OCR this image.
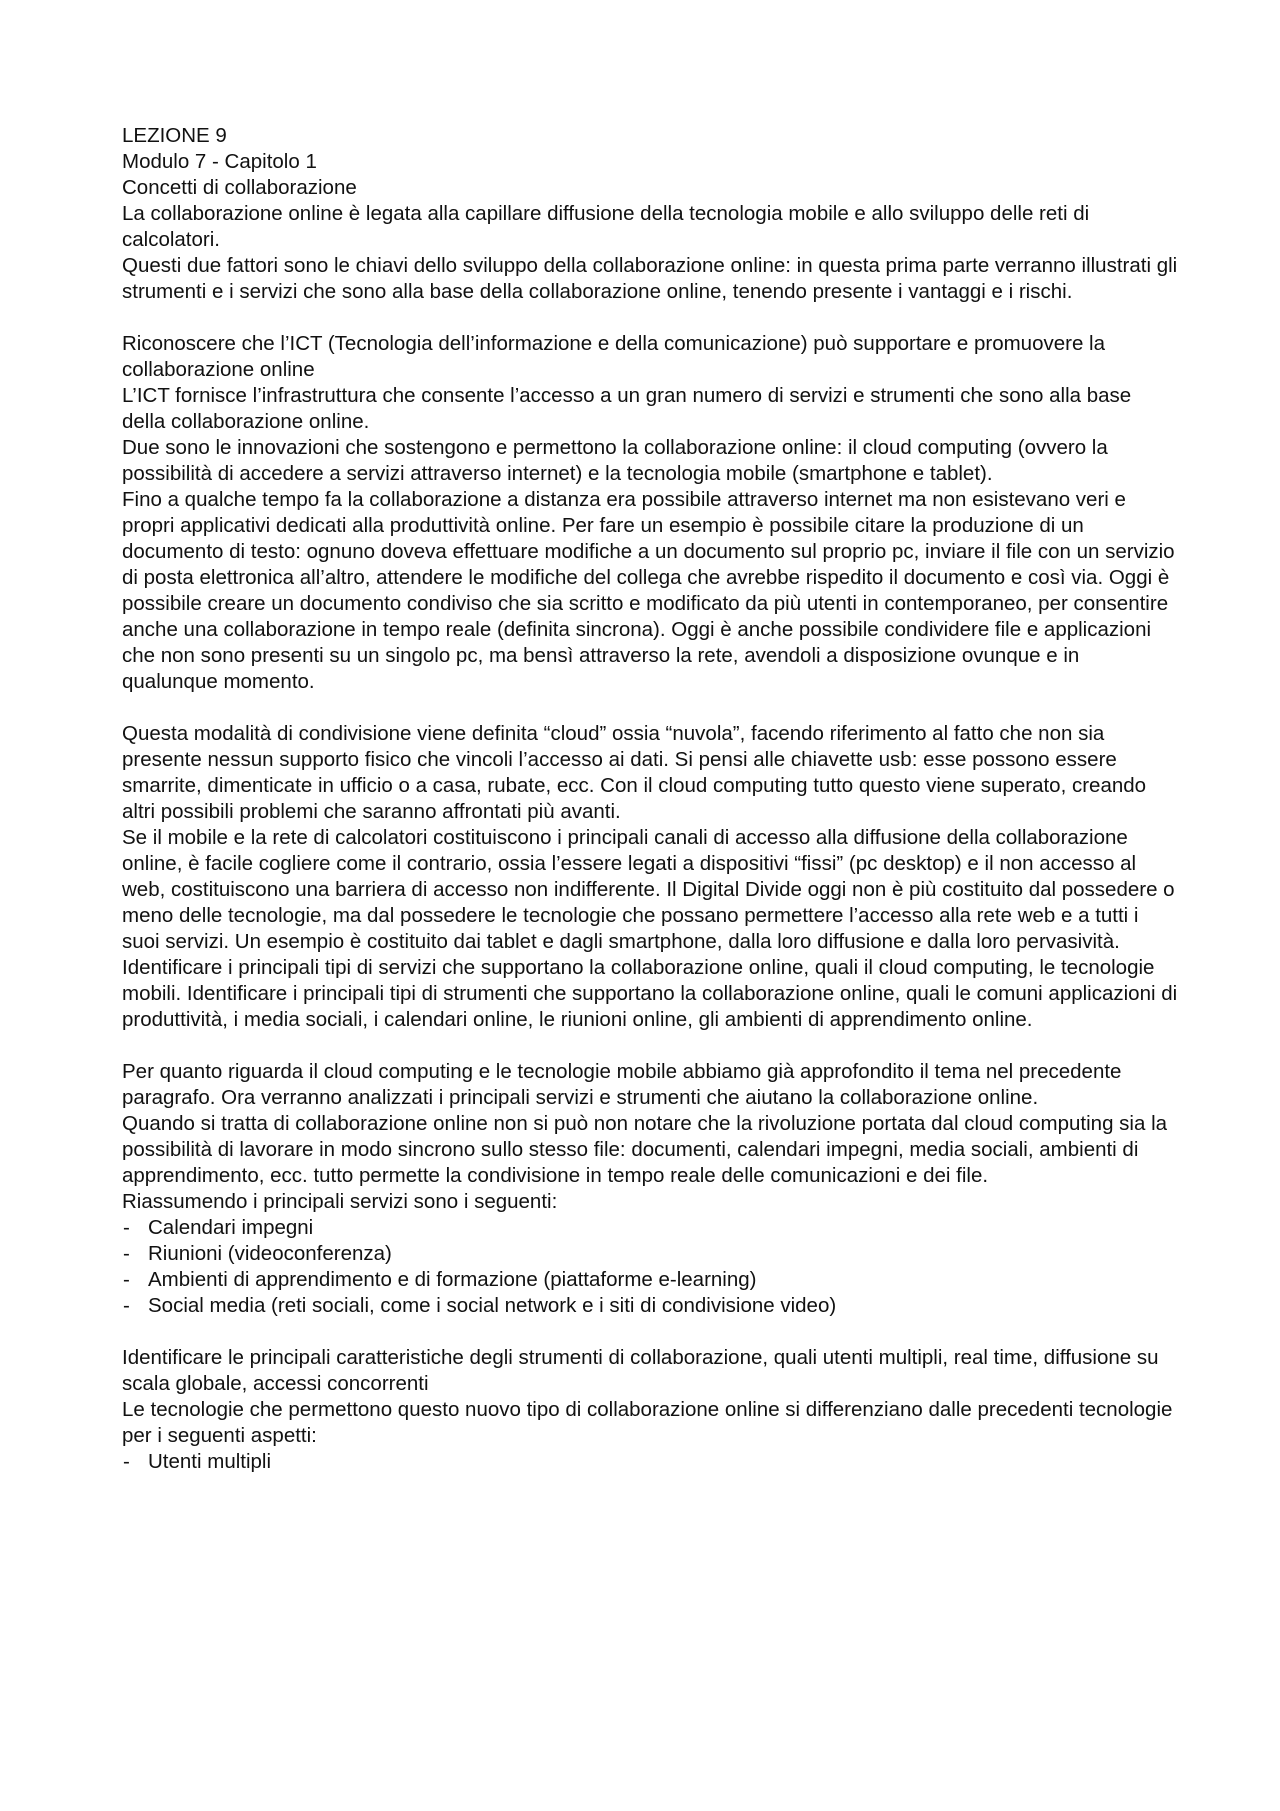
LEZIONE 9

Modulo 7 - Capitolo 1

Concetti di collaborazione

La collaborazione online è legata alla capillare diffusione della tecnologia mobile e allo sviluppo delle reti di calcolatori.

Questi due fattori sono le chiavi dello sviluppo della collaborazione online: in questa prima parte verranno illustrati gli strumenti e i servizi che sono alla base della collaborazione online, tenendo presente i vantaggi e i rischi.

Riconoscere che l’ICT (Tecnologia dell’informazione e della comunicazione) può supportare e promuovere la collaborazione online

L’ICT fornisce l’infrastruttura che consente l’accesso a un gran numero di servizi e strumenti che sono alla base della collaborazione online.

Due sono le innovazioni che sostengono e permettono la collaborazione online: il cloud computing (ovvero la possibilità di accedere a servizi attraverso internet) e la tecnologia mobile (smartphone e tablet).

Fino a qualche tempo fa la collaborazione a distanza era possibile attraverso internet ma non esistevano veri e propri applicativi dedicati alla produttività online. Per fare un esempio è possibile citare la produzione di un documento di testo: ognuno doveva effettuare modifiche a un documento sul proprio pc, inviare il file con un servizio di posta elettronica all’altro, attendere le modifiche del collega che avrebbe rispedito il documento e così via. Oggi è possibile creare un documento condiviso che sia scritto e modificato da più utenti in contemporaneo, per consentire anche una collaborazione in tempo reale (definita sincrona). Oggi è anche possibile condividere file e applicazioni che non sono presenti su un singolo pc, ma bensì attraverso la rete, avendoli a disposizione ovunque e in qualunque momento.

Questa modalità di condivisione viene definita “cloud” ossia “nuvola”, facendo riferimento al fatto che non sia presente nessun supporto fisico che vincoli l’accesso ai dati. Si pensi alle chiavette usb: esse possono essere smarrite, dimenticate in ufficio o a casa, rubate, ecc. Con il cloud computing tutto questo viene superato, creando altri possibili problemi che saranno affrontati più avanti.

Se il mobile e la rete di calcolatori costituiscono i principali canali di accesso alla diffusione della collaborazione online, è facile cogliere come il contrario, ossia l’essere legati a dispositivi “fissi” (pc desktop) e il non accesso al web, costituiscono una barriera di accesso non indifferente. Il Digital Divide oggi non è più costituito dal possedere o meno delle tecnologie, ma dal possedere le tecnologie che possano permettere l’accesso alla rete web e a tutti i suoi servizi. Un esempio è costituito dai tablet e dagli smartphone, dalla loro diffusione e dalla loro pervasività.

Identificare i principali tipi di servizi che supportano la collaborazione online, quali il cloud computing, le tecnologie mobili. Identificare i principali tipi di strumenti che supportano la collaborazione online, quali le comuni applicazioni di produttività, i media sociali, i calendari online, le riunioni online, gli ambienti di apprendimento online.

Per quanto riguarda il cloud computing e le tecnologie mobile abbiamo già approfondito il tema nel precedente paragrafo. Ora verranno analizzati i principali servizi e strumenti che aiutano la collaborazione online.

Quando si tratta di collaborazione online non si può non notare che la rivoluzione portata dal cloud computing sia la possibilità di lavorare in modo sincrono sullo stesso file: documenti, calendari impegni, media sociali, ambienti di apprendimento, ecc. tutto permette la condivisione in tempo reale delle comunicazioni e dei file.

Riassumendo i principali servizi sono i seguenti:

- Calendari impegni
- Riunioni (videoconferenza)
- Ambienti di apprendimento e di formazione (piattaforme e-learning)
- Social media (reti sociali, come i social network e i siti di condivisione video)

Identificare le principali caratteristiche degli strumenti di collaborazione, quali utenti multipli, real time, diffusione su scala globale, accessi concorrenti

Le tecnologie che permettono questo nuovo tipo di collaborazione online si differenziano dalle precedenti tecnologie per i seguenti aspetti:

- Utenti multipli
